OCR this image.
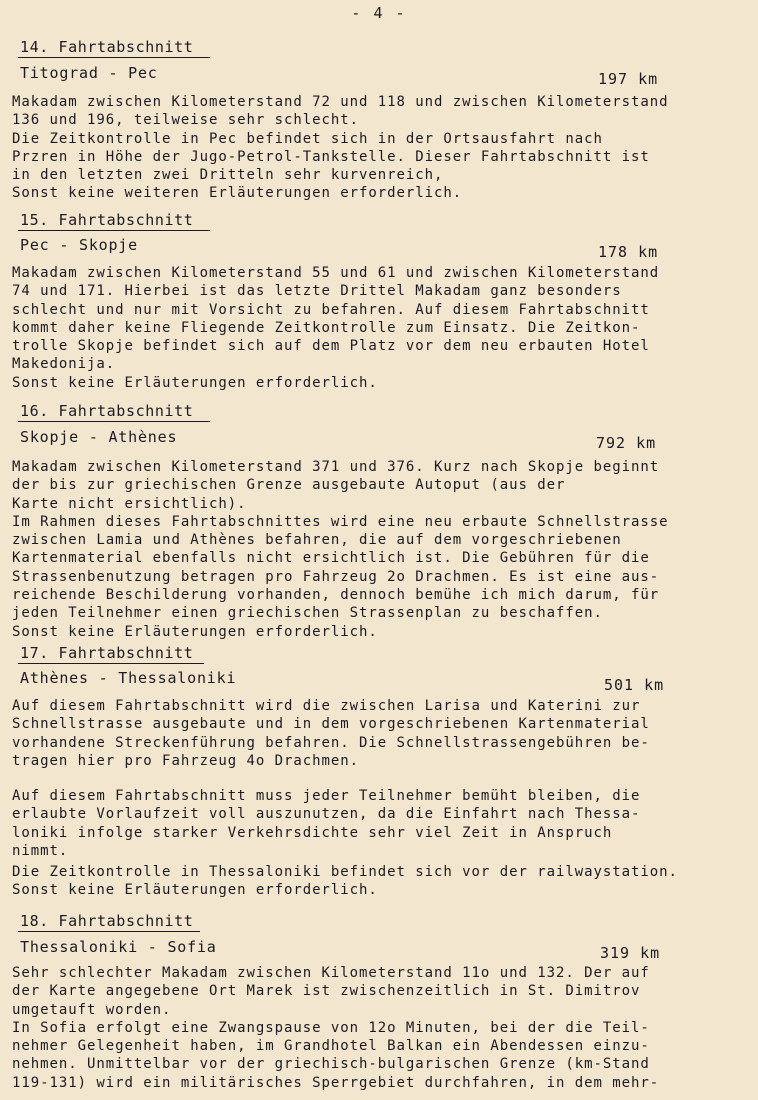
- 4 -
14. Fahrtabschnitt
Titograd - Pec	197 km
Makadam zwischen Kilometerstand 72 und 118 und zwischen Kilometerstand
136 und 196, teilweise sehr schlecht.
Die Zeitkontrolle in Pec befindet sich in der Ortsausfahrt nach
Przren in Höhe der Jugo-Petrol-Tankstelle. Dieser Fahrtabschnitt ist
in den letzten zwei Dritteln sehr kurvenreich,
Sonst keine weiteren Erläuterungen erforderlich.
15. Fahrtabschnitt
Pec - Skopje	178 km
Makadam zwischen Kilometerstand 55 und 61 und zwischen Kilometerstand
74 und 171. Hierbei ist das letzte Drittel Makadam ganz besonders
schlecht und nur mit Vorsicht zu befahren. Auf diesem Fahrtabschnitt
kommt daher keine Fliegende Zeitkontrolle zum Einsatz. Die Zeitkon-
trolle Skopje befindet sich auf dem Platz vor dem neu erbauten Hotel
Makedonija.
Sonst keine Erläuterungen erforderlich.
16. Fahrtabschnitt
Skopje - Athènes	792 km
Makadam zwischen Kilometerstand 371 und 376. Kurz nach Skopje beginnt
der bis zur griechischen Grenze ausgebaute Autoput (aus der
Karte nicht ersichtlich).
Im Rahmen dieses Fahrtabschnittes wird eine neu erbaute Schnellstrasse
zwischen Lamia und Athènes befahren, die auf dem vorgeschriebenen
Kartenmaterial ebenfalls nicht ersichtlich ist. Die Gebühren für die
Strassenbenutzung betragen pro Fahrzeug 2o Drachmen. Es ist eine aus-
reichende Beschilderung vorhanden, dennoch bemühe ich mich darum, für
jeden Teilnehmer einen griechischen Strassenplan zu beschaffen.
Sonst keine Erläuterungen erforderlich.
17. Fahrtabschnitt
Athènes - Thessaloniki	501 km
Auf diesem Fahrtabschnitt wird die zwischen Larisa und Katerini zur
Schnellstrasse ausgebaute und in dem vorgeschriebenen Kartenmaterial
vorhandene Streckenführung befahren. Die Schnellstrassengebühren be-
tragen hier pro Fahrzeug 4o Drachmen.
Auf diesem Fahrtabschnitt muss jeder Teilnehmer bemüht bleiben, die
erlaubte Vorlaufzeit voll auszunutzen, da die Einfahrt nach Thessa-
loniki infolge starker Verkehrsdichte sehr viel Zeit in Anspruch
nimmt.
Die Zeitkontrolle in Thessaloniki befindet sich vor der railwaystation.
Sonst keine Erläuterungen erforderlich.
18. Fahrtabschnitt
Thessaloniki - Sofia	319 km
Sehr schlechter Makadam zwischen Kilometerstand 11o und 132. Der auf
der Karte angegebene Ort Marek ist zwischenzeitlich in St. Dimitrov
umgetauft worden.
In Sofia erfolgt eine Zwangspause von 12o Minuten, bei der die Teil-
nehmer Gelegenheit haben, im Grandhotel Balkan ein Abendessen einzu-
nehmen. Unmittelbar vor der griechisch-bulgarischen Grenze (km-Stand
119-131) wird ein militärisches Sperrgebiet durchfahren, in dem mehr-
